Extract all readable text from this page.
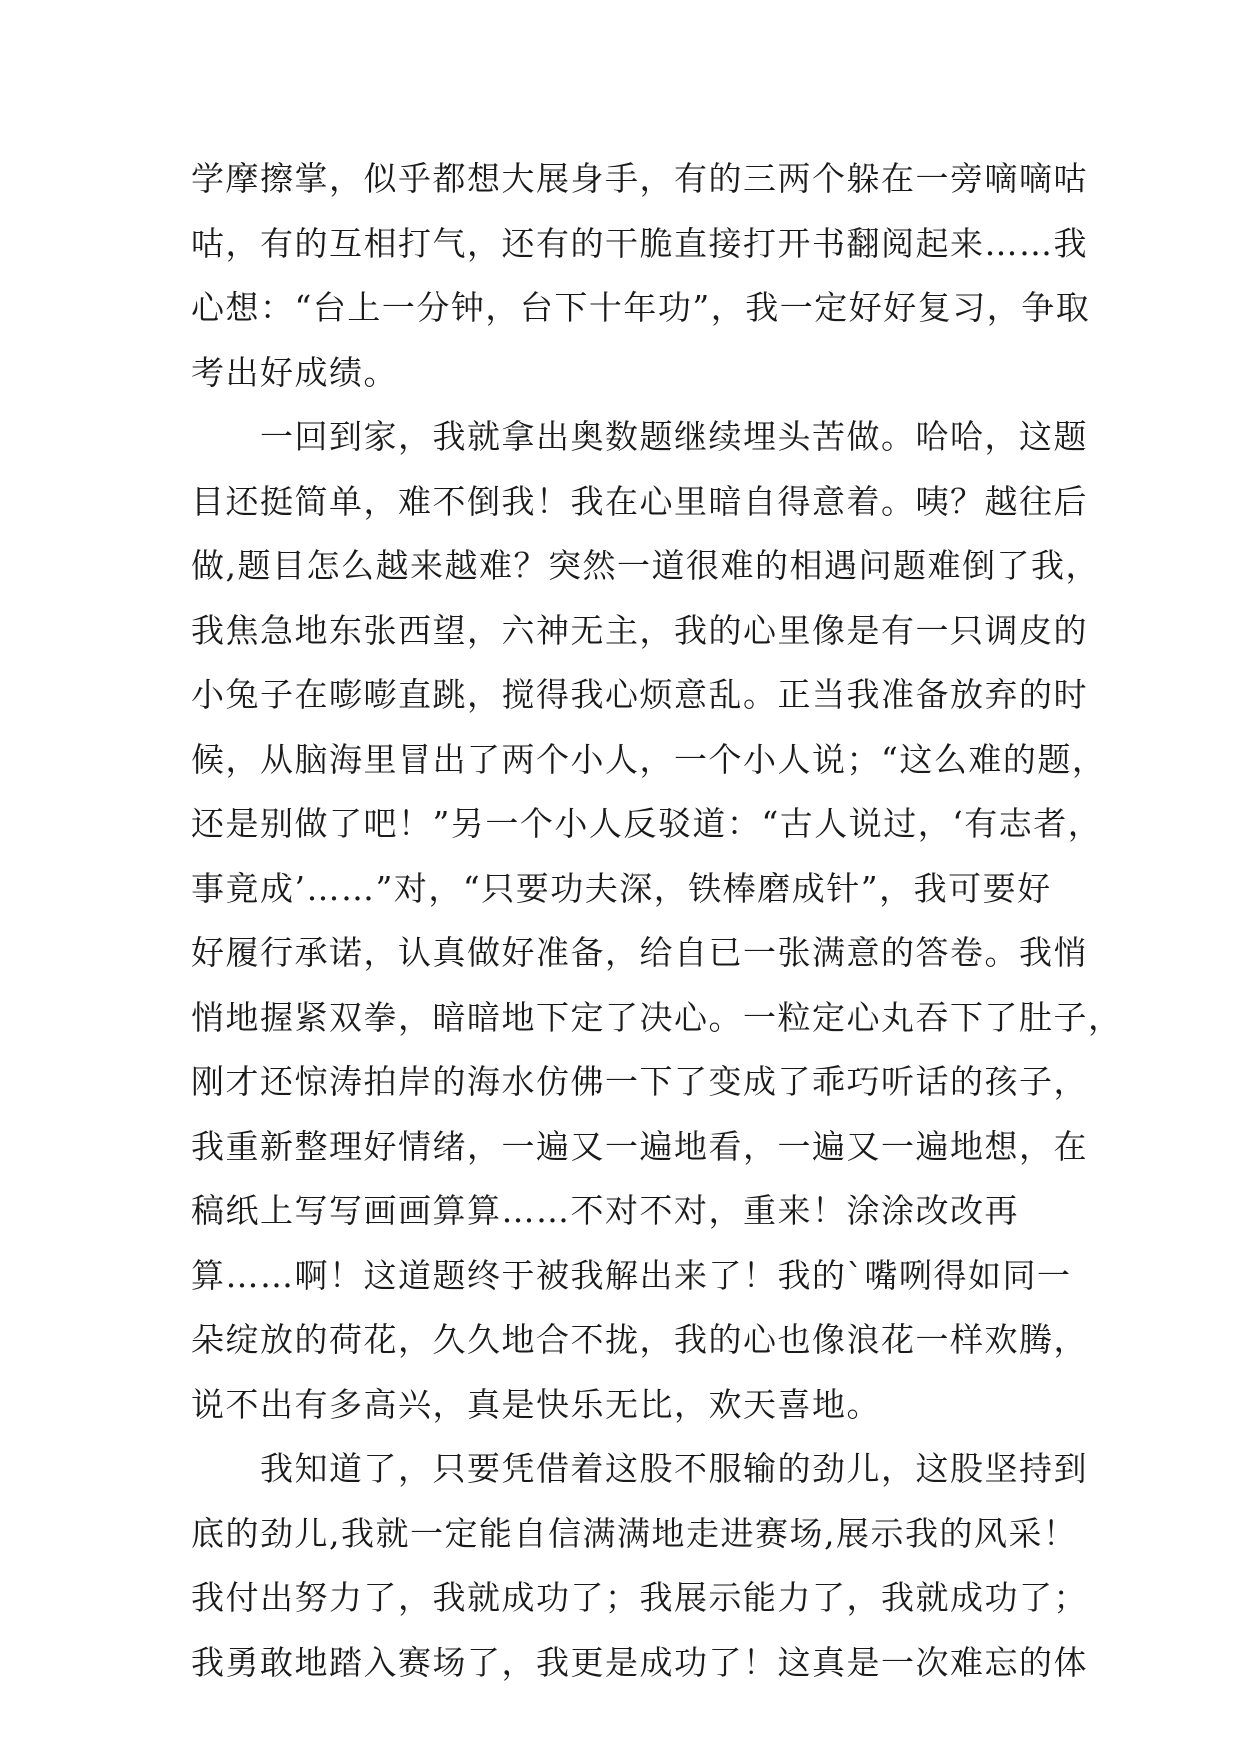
学摩擦掌，似乎都想大展身手，有的三两个躲在一旁嘀嘀咕
咕，有的互相打气，还有的干脆直接打开书翻阅起来……我
心想：“台上一分钟，台下十年功”，我一定好好复习，争取
考出好成绩。
　　一回到家，我就拿出奥数题继续埋头苦做。哈哈，这题
目还挺简单，难不倒我！我在心里暗自得意着。咦？越往后
做,题目怎么越来越难？突然一道很难的相遇问题难倒了我，
我焦急地东张西望，六神无主，我的心里像是有一只调皮的
小兔子在嘭嘭直跳，搅得我心烦意乱。正当我准备放弃的时
候，从脑海里冒出了两个小人，一个小人说；“这么难的题，
还是别做了吧！”另一个小人反驳道：“古人说过，‘有志者，
事竟成’……”对，“只要功夫深，铁棒磨成针”，我可要好
好履行承诺，认真做好准备，给自已一张满意的答卷。我悄
悄地握紧双拳，暗暗地下定了决心。一粒定心丸吞下了肚子，
刚才还惊涛拍岸的海水仿佛一下了变成了乖巧听话的孩子，
我重新整理好情绪，一遍又一遍地看，一遍又一遍地想，在
稿纸上写写画画算算……不对不对，重来！涂涂改改再
算……啊！这道题终于被我解出来了！我的`嘴咧得如同一
朵绽放的荷花，久久地合不拢，我的心也像浪花一样欢腾，
说不出有多高兴，真是快乐无比，欢天喜地。
　　我知道了，只要凭借着这股不服输的劲儿，这股坚持到
底的劲儿,我就一定能自信满满地走进赛场,展示我的风采！
我付出努力了，我就成功了；我展示能力了，我就成功了；
我勇敢地踏入赛场了，我更是成功了！这真是一次难忘的体
